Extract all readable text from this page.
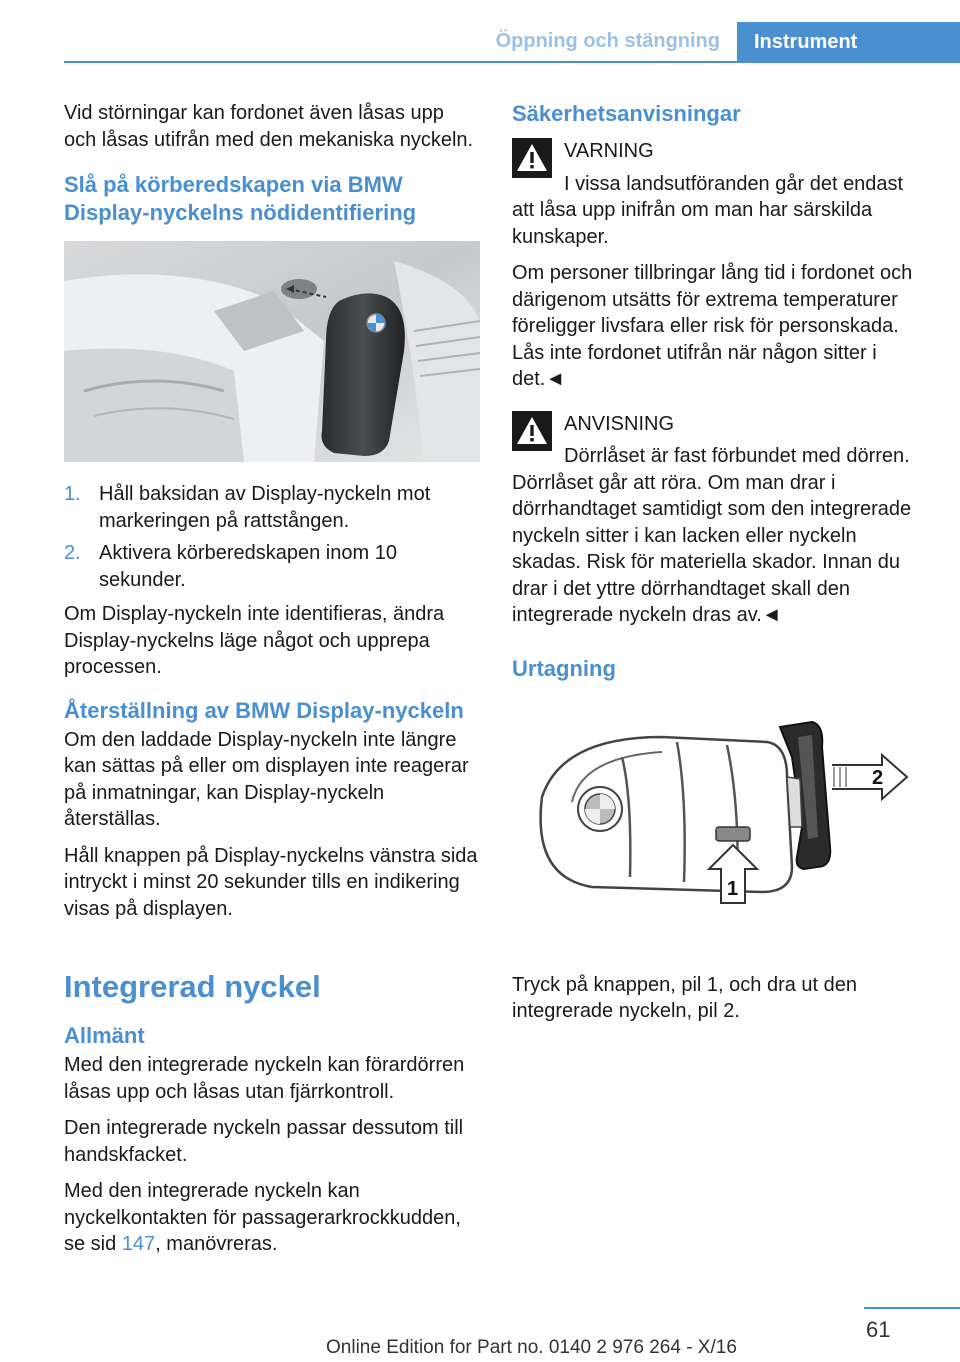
Öppning och stängning Instrument

Vid störningar kan fordonet även låsas upp och låsas utifrån med den mekaniska nyckeln.

Slå på körberedskapen via BMW Display-nyckelns nödidentifiering
1. Håll baksidan av Display-nyckeln mot markeringen på rattstången.
2. Aktivera körberedskapen inom 10 sekunder.

Om Display-nyckeln inte identifieras, ändra Display-nyckelns läge något och upprepa processen.

Återställning av BMW Display-nyckeln

Om den laddade Display-nyckeln inte längre kan sättas på eller om displayen inte reagerar på inmatningar, kan Display-nyckeln återställas.

Håll knappen på Display-nyckelns vänstra sida intryckt i minst 20 sekunder tills en indikering visas på displayen.

Integrerad nyckel
Allmänt

Med den integrerade nyckeln kan förardörren låsas upp och låsas utan fjärrkontroll.

Den integrerade nyckeln passar dessutom till handskfacket.

Med den integrerade nyckeln kan nyckelkontakten för passagerarkrockkudden, se sid 147, manövreras.

Säkerhetsanvisningar

VARNING

I vissa landsutföranden går det endast att låsa upp inifrån om man har särskilda kunskaper.

Om personer tillbringar lång tid i fordonet och därigenom utsätts för extrema temperaturer föreligger livsfara eller risk för personskada. Lås inte fordonet utifrån när någon sitter i det.◄

ANVISNING

Dörrlåset är fast förbundet med dörren. Dörrlåset går att röra. Om man drar i dörrhandtaget samtidigt som den integrerade nyckeln sitter i kan lacken eller nyckeln skadas. Risk för materiella skador. Innan du drar i det yttre dörrhandtaget skall den integrerade nyckeln dras av.◄

Urtagning
2
1

Tryck på knappen, pil 1, och dra ut den integrerade nyckeln, pil 2.

61
Online Edition for Part no. 0140 2 976 264 - X/16
